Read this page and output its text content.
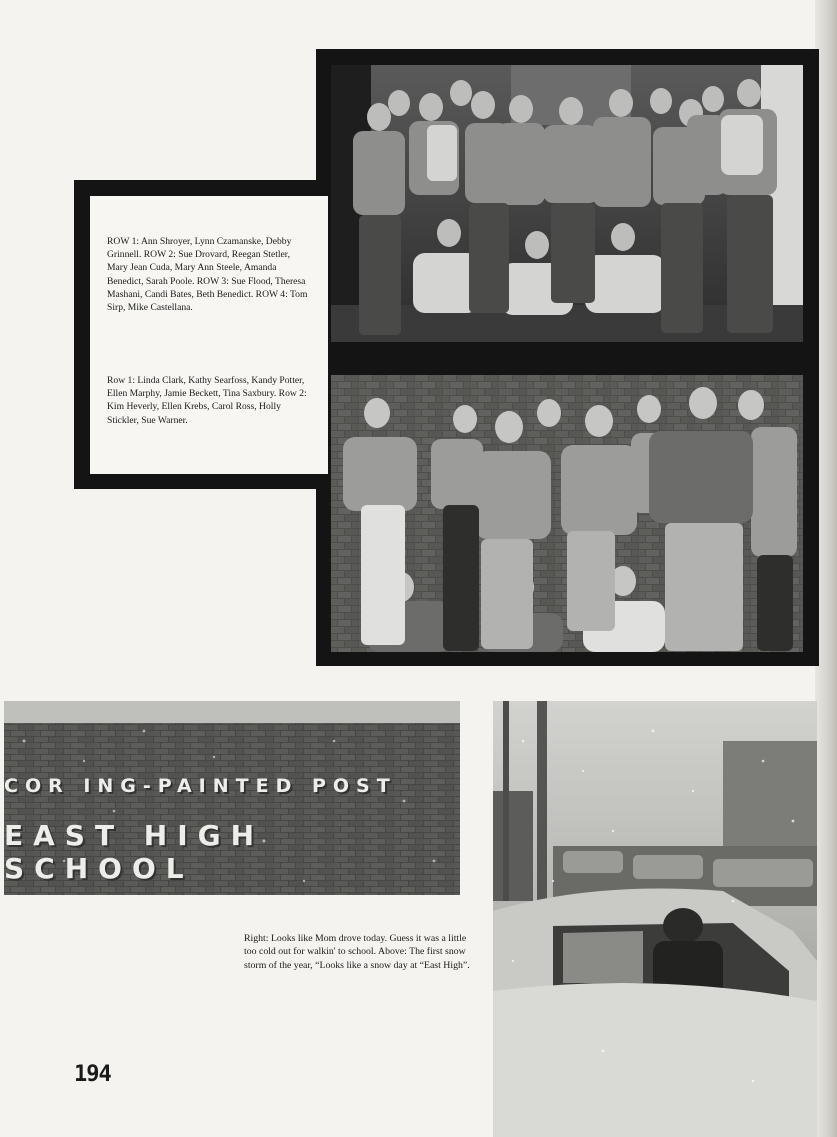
ROW 1: Ann Shroyer, Lynn Czamanske, Debby Grinnell. ROW 2: Sue Drovard, Reegan Stetler, Mary Jean Cuda, Mary Ann Steele, Amanda Benedict, Sarah Poole. ROW 3: Sue Flood, Theresa Mashani, Candi Bates, Beth Benedict. ROW 4: Tom Sirp, Mike Castellana.

Row 1: Linda Clark, Kathy Searfoss, Kandy Potter, Ellen Marphy, Jamie Beckett, Tina Saxbury. Row 2: Kim Heverly, Ellen Krebs, Carol Ross, Holly Stickler, Sue Warner.

COR ING-PAINTED POST

EAST HIGH SCHOOL

Right: Looks like Mom drove today. Guess it was a little too cold out for walkin' to school. Above: The first snow storm of the year, “Looks like a snow day at “East High”.

194
